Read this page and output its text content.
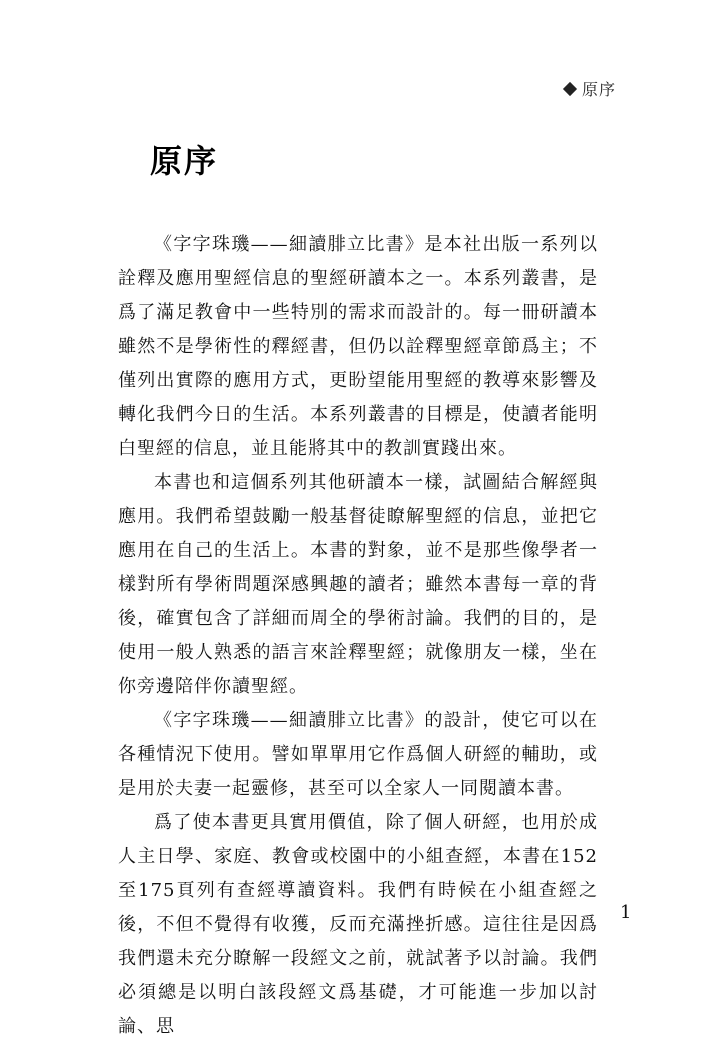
原序
原序

《字字珠璣——細讀腓立比書》是本社出版一系列以詮釋及應用聖經信息的聖經研讀本之一。本系列叢書，是爲了滿足教會中一些特別的需求而設計的。每一冊研讀本雖然不是學術性的釋經書，但仍以詮釋聖經章節爲主；不僅列出實際的應用方式，更盼望能用聖經的教導來影響及轉化我們今日的生活。本系列叢書的目標是，使讀者能明白聖經的信息，並且能將其中的教訓實踐出來。

本書也和這個系列其他研讀本一樣，試圖結合解經與應用。我們希望鼓勵一般基督徒瞭解聖經的信息，並把它應用在自己的生活上。本書的對象，並不是那些像學者一樣對所有學術問題深感興趣的讀者；雖然本書每一章的背後，確實包含了詳細而周全的學術討論。我們的目的，是使用一般人熟悉的語言來詮釋聖經；就像朋友一樣，坐在你旁邊陪伴你讀聖經。

《字字珠璣——細讀腓立比書》的設計，使它可以在各種情況下使用。譬如單單用它作爲個人研經的輔助，或是用於夫妻一起靈修，甚至可以全家人一同閱讀本書。

爲了使本書更具實用價值，除了個人研經，也用於成人主日學、家庭、教會或校園中的小組查經，本書在152至175頁列有查經導讀資料。我們有時候在小組查經之後，不但不覺得有收獲，反而充滿挫折感。這往往是因爲我們還未充分瞭解一段經文之前，就試著予以討論。我們必須總是以明白該段經文爲基礎，才可能進一步加以討論、思

1
